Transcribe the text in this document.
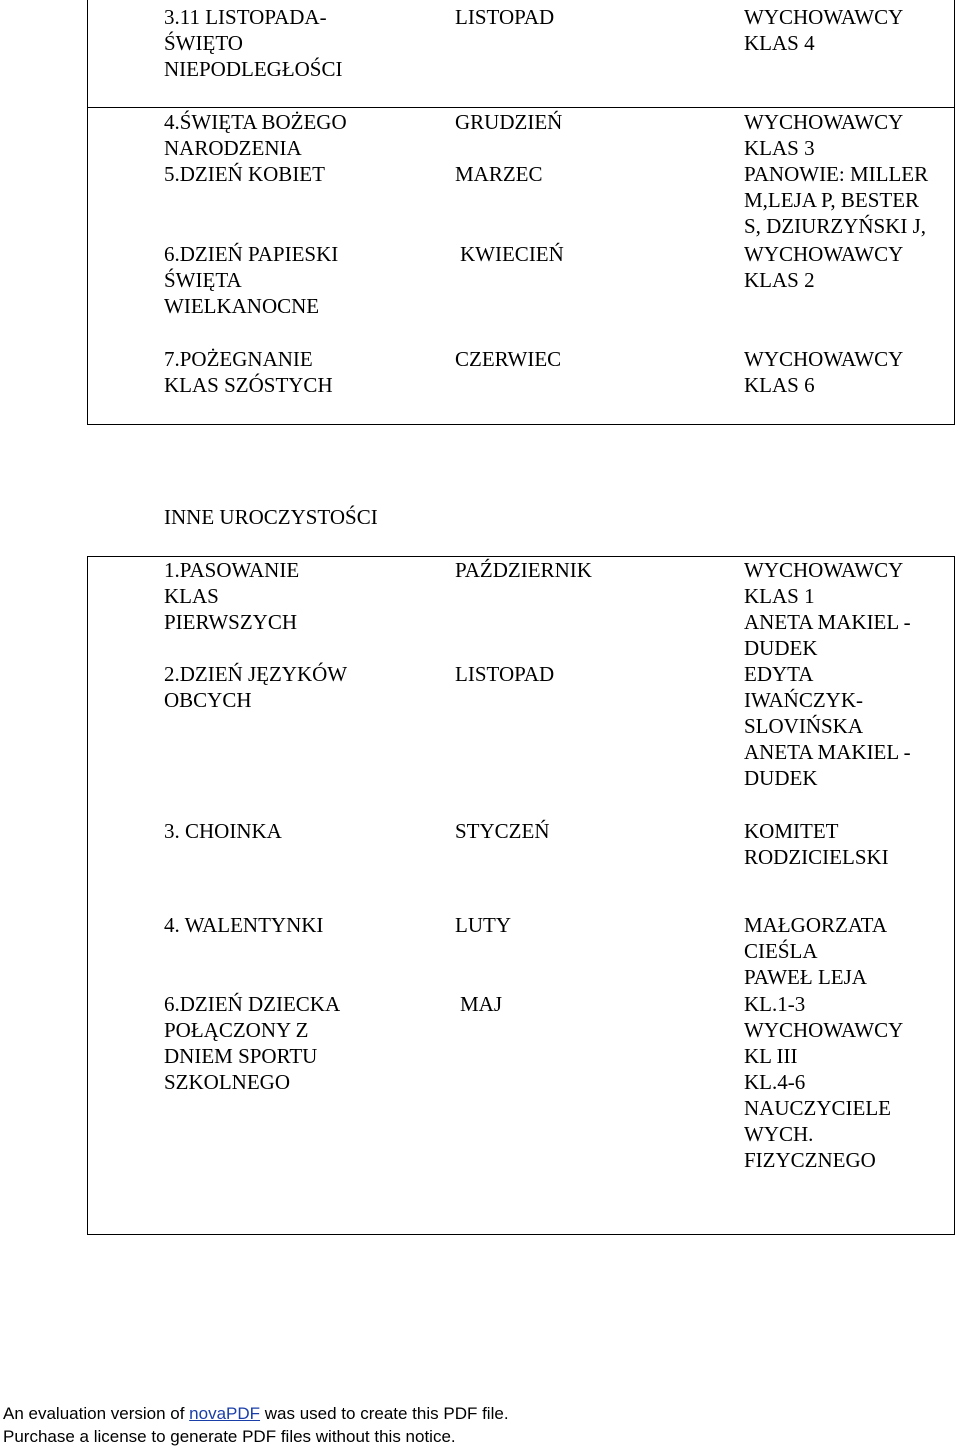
3.11 LISTOPADA-
ŚWIĘTO
NIEPODLEGŁOŚCI
LISTOPAD	WYCHOWAWCY
KLAS 4
4.ŚWIĘTA BOŻEGO
NARODZENIA
GRUDZIEŃ	WYCHOWAWCY
KLAS 3
5.DZIEŃ KOBIET	MARZEC	PANOWIE: MILLER
M,LEJA P, BESTER
S, DZIURZYŃSKI J,
6.DZIEŃ PAPIESKI
ŚWIĘTA
WIELKANOCNE
KWIECIEŃ	WYCHOWAWCY
KLAS 2
7.POŻEGNANIE
KLAS SZÓSTYCH
CZERWIEC	WYCHOWAWCY
KLAS 6
INNE UROCZYSTOŚCI
1.PASOWANIE
KLAS
PIERWSZYCH
PAŹDZIERNIK	WYCHOWAWCY
KLAS 1
ANETA MAKIEL -
DUDEK
2.DZIEŃ JĘZYKÓW
OBCYCH
LISTOPAD	EDYTA
IWAŃCZYK-
SLOVIŃSKA
ANETA MAKIEL -
DUDEK
3. CHOINKA	STYCZEŃ	KOMITET
RODZICIELSKI
4. WALENTYNKI	LUTY	MAŁGORZATA
CIEŚLA
PAWEŁ LEJA
6.DZIEŃ DZIECKA
POŁĄCZONY Z
DNIEM SPORTU
SZKOLNEGO
MAJ	KL.1-3
WYCHOWAWCY
KL III
KL.4-6
NAUCZYCIELE
WYCH.
FIZYCZNEGO
An evaluation version of novaPDF was used to create this PDF file.
Purchase a license to generate PDF files without this notice.
